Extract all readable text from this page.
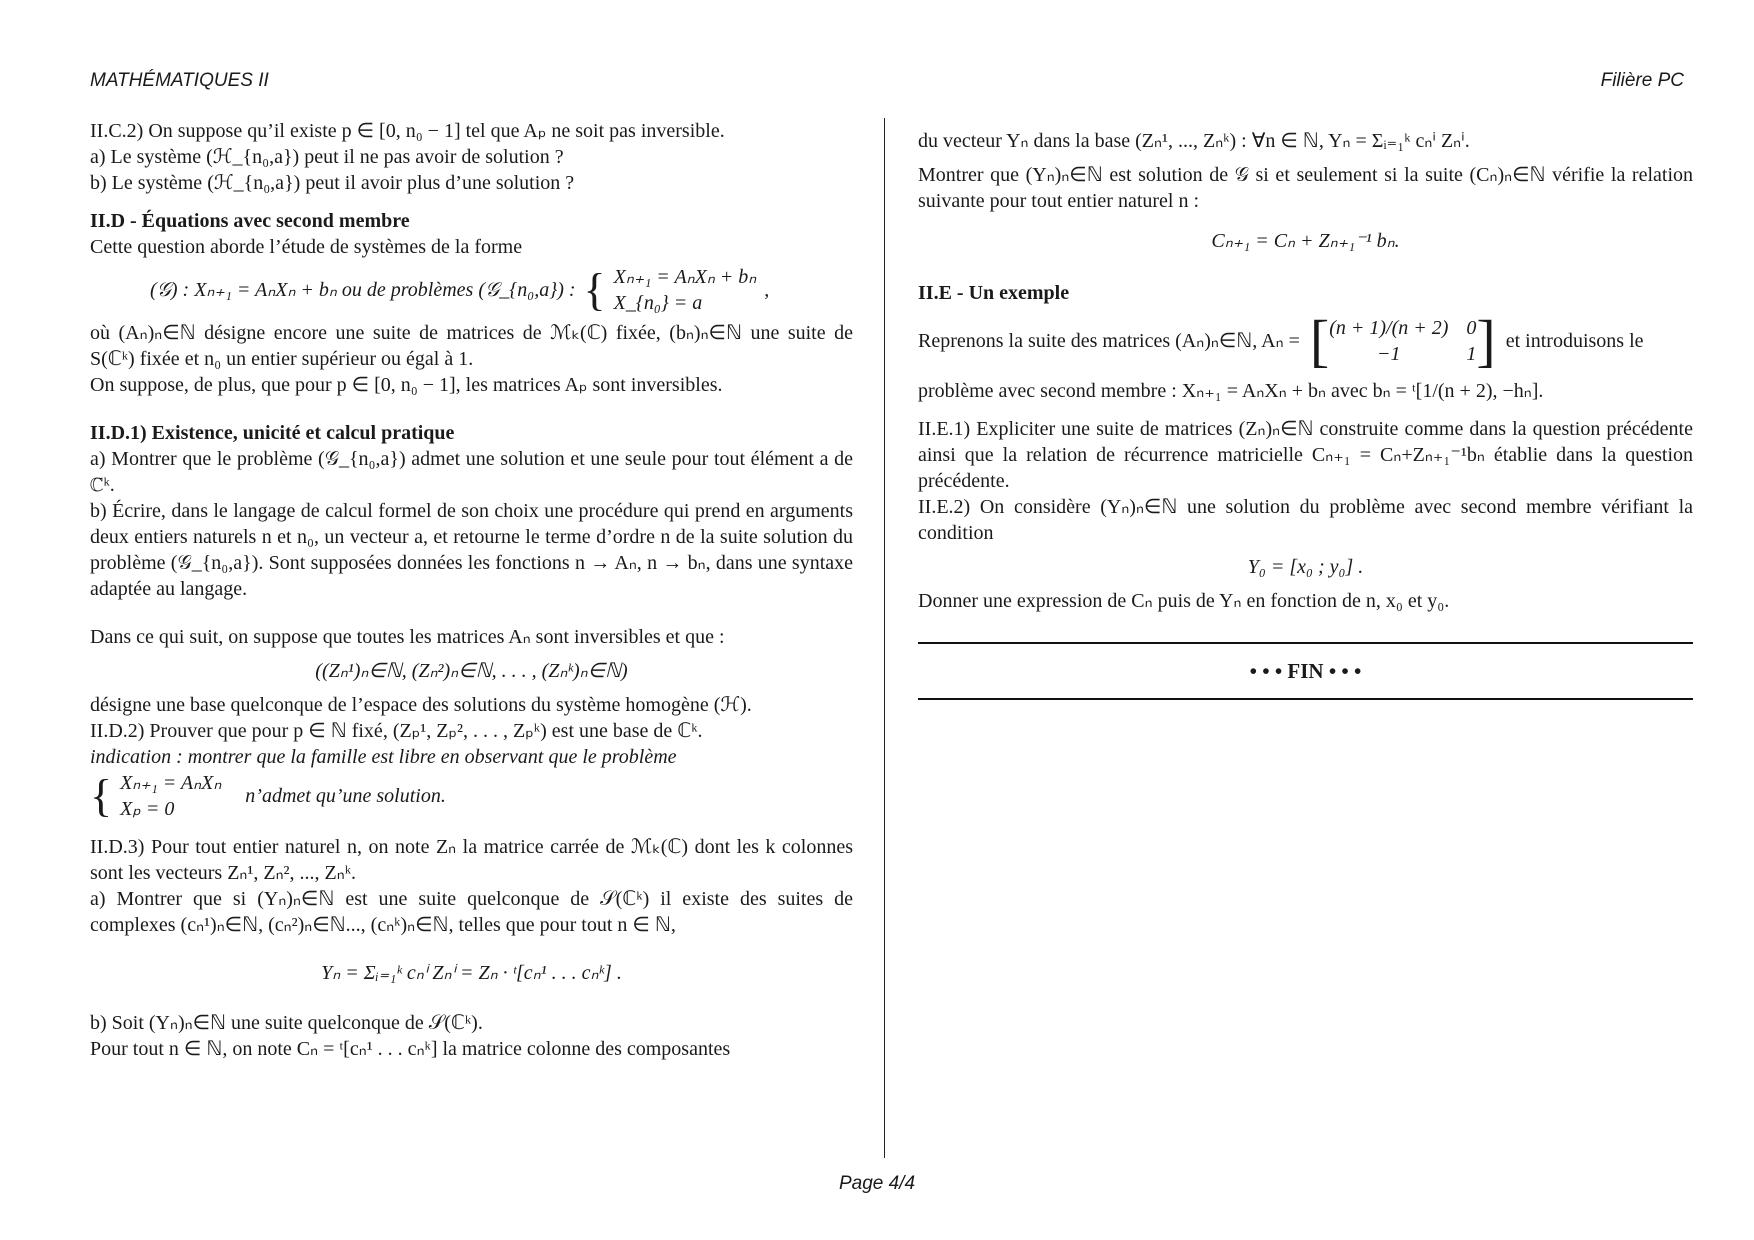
MATHÉMATIQUES II	Filière PC

II.C.2) On suppose qu’il existe p ∈ [0, n₀ − 1] tel que Aₚ ne soit pas inversible.

a) Le système (ℋ_{n₀,a}) peut il ne pas avoir de solution ?

b) Le système (ℋ_{n₀,a}) peut il avoir plus d’une solution ?

II.D - Équations avec second membre

Cette question aborde l’étude de systèmes de la forme

(𝒢) : Xₙ₊₁ = AₙXₙ + bₙ ou de problèmes (𝒢_{n₀,a}) : { Xₙ₊₁ = AₙXₙ + bₙ
X_{n₀} = a
,

où (Aₙ)ₙ∈ℕ désigne encore une suite de matrices de ℳₖ(ℂ) fixée, (bₙ)ₙ∈ℕ une suite de S(ℂᵏ) fixée et n₀ un entier supérieur ou égal à 1.

On suppose, de plus, que pour p ∈ [0, n₀ − 1], les matrices Aₚ sont inversibles.

II.D.1) Existence, unicité et calcul pratique

a) Montrer que le problème (𝒢_{n₀,a}) admet une solution et une seule pour tout élément a de ℂᵏ.

b) Écrire, dans le langage de calcul formel de son choix une procédure qui prend en arguments deux entiers naturels n et n₀, un vecteur a, et retourne le terme d’ordre n de la suite solution du problème (𝒢_{n₀,a}). Sont supposées données les fonctions n → Aₙ, n → bₙ, dans une syntaxe adaptée au langage.

Dans ce qui suit, on suppose que toutes les matrices Aₙ sont inversibles et que :

((Zₙ¹)ₙ∈ℕ, (Zₙ²)ₙ∈ℕ, . . . , (Zₙᵏ)ₙ∈ℕ)

désigne une base quelconque de l’espace des solutions du système homogène (ℋ).

II.D.2) Prouver que pour p ∈ ℕ fixé, (Zₚ¹, Zₚ², . . . , Zₚᵏ) est une base de ℂᵏ.

indication : montrer que la famille est libre en observant que le problème

{ Xₙ₊₁ = AₙXₙ
Xₚ = 0
n’admet qu’une solution.

II.D.3) Pour tout entier naturel n, on note Zₙ la matrice carrée de ℳₖ(ℂ) dont les k colonnes sont les vecteurs Zₙ¹, Zₙ², ..., Zₙᵏ.

a) Montrer que si (Yₙ)ₙ∈ℕ est une suite quelconque de 𝒮(ℂᵏ) il existe des suites de complexes (cₙ¹)ₙ∈ℕ, (cₙ²)ₙ∈ℕ..., (cₙᵏ)ₙ∈ℕ, telles que pour tout n ∈ ℕ,

Yₙ = Σᵢ₌₁ᵏ cₙⁱ Zₙⁱ = Zₙ · ᵗ[cₙ¹ . . . cₙᵏ] .

b) Soit (Yₙ)ₙ∈ℕ une suite quelconque de 𝒮(ℂᵏ).

Pour tout n ∈ ℕ, on note Cₙ = ᵗ[cₙ¹ . . . cₙᵏ] la matrice colonne des composantes

du vecteur Yₙ dans la base (Zₙ¹, ..., Zₙᵏ) : ∀n ∈ ℕ, Yₙ = Σᵢ₌₁ᵏ cₙⁱ Zₙⁱ.

Montrer que (Yₙ)ₙ∈ℕ est solution de 𝒢 si et seulement si la suite (Cₙ)ₙ∈ℕ vérifie la relation suivante pour tout entier naturel n :

Cₙ₊₁ = Cₙ + Zₙ₊₁⁻¹ bₙ.

II.E - Un exemple

Reprenons la suite des matrices (Aₙ)ₙ∈ℕ, Aₙ = [ (n + 1)/(n + 2) 0
−1	1 ] et introduisons le

problème avec second membre : Xₙ₊₁ = AₙXₙ + bₙ avec bₙ = ᵗ[1/(n + 2), −hₙ].

II.E.1) Expliciter une suite de matrices (Zₙ)ₙ∈ℕ construite comme dans la question précédente ainsi que la relation de récurrence matricielle Cₙ₊₁ = Cₙ+Zₙ₊₁⁻¹bₙ établie dans la question précédente.

II.E.2) On considère (Yₙ)ₙ∈ℕ une solution du problème avec second membre vérifiant la condition

Y₀ = [x₀ ; y₀] .

Donner une expression de Cₙ puis de Yₙ en fonction de n, x₀ et y₀.

• • • FIN • • •

Page 4/4
